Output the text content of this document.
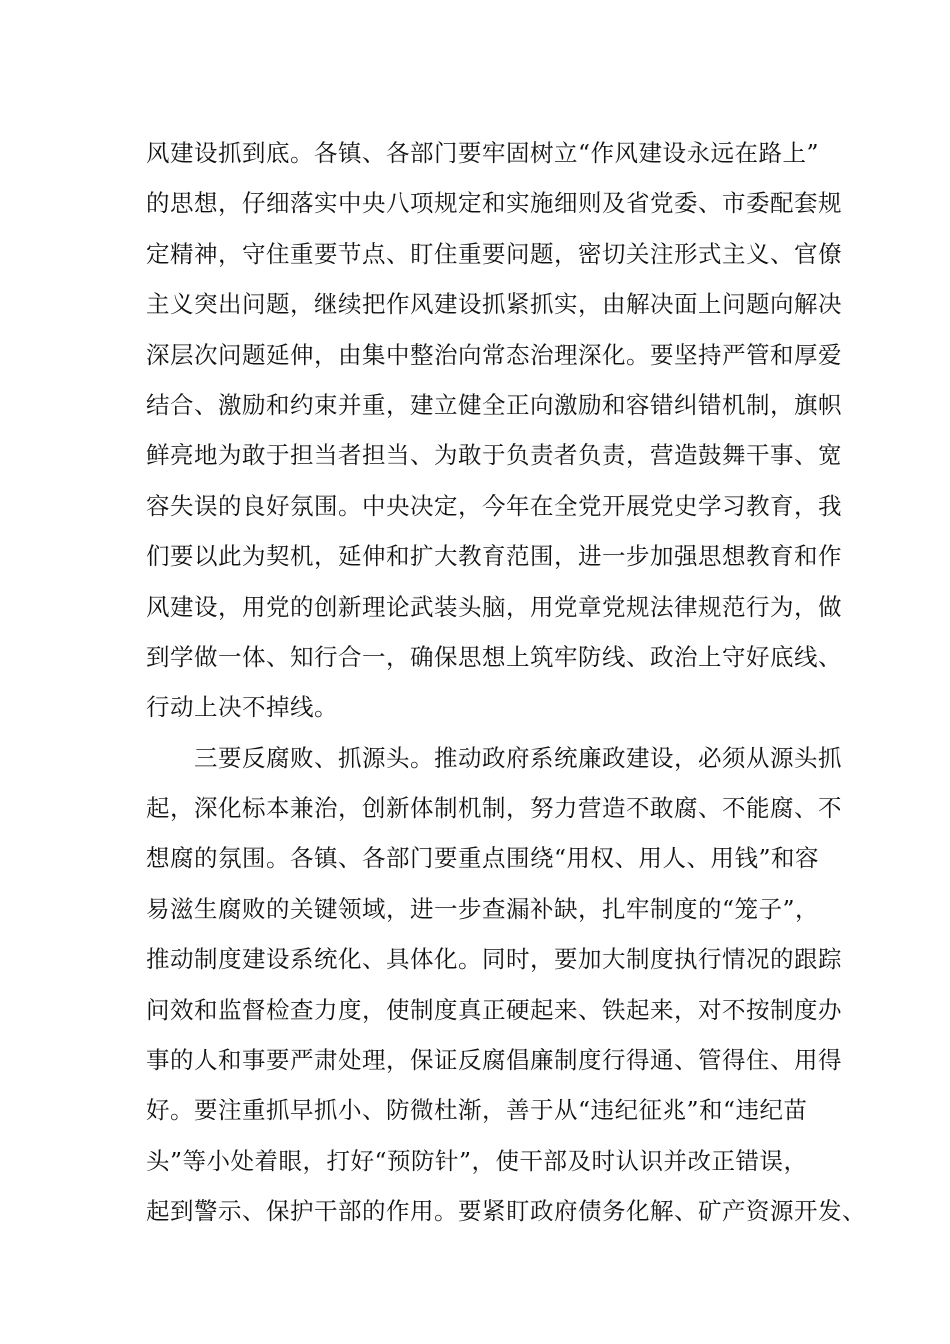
风建设抓到底。各镇、各部门要牢固树立“作风建设永远在路上”
的思想，仔细落实中央八项规定和实施细则及省党委、市委配套规
定精神，守住重要节点、盯住重要问题，密切关注形式主义、官僚
主义突出问题，继续把作风建设抓紧抓实，由解决面上问题向解决
深层次问题延伸，由集中整治向常态治理深化。要坚持严管和厚爱
结合、激励和约束并重，建立健全正向激励和容错纠错机制，旗帜
鲜亮地为敢于担当者担当、为敢于负责者负责，营造鼓舞干事、宽
容失误的良好氛围。中央决定，今年在全党开展党史学习教育，我
们要以此为契机，延伸和扩大教育范围，进一步加强思想教育和作
风建设，用党的创新理论武装头脑，用党章党规法律规范行为，做
到学做一体、知行合一，确保思想上筑牢防线、政治上守好底线、
行动上决不掉线。
三要反腐败、抓源头。推动政府系统廉政建设，必须从源头抓
起，深化标本兼治，创新体制机制，努力营造不敢腐、不能腐、不
想腐的氛围。各镇、各部门要重点围绕“用权、用人、用钱”和容
易滋生腐败的关键领域，进一步查漏补缺，扎牢制度的“笼子”，
推动制度建设系统化、具体化。同时，要加大制度执行情况的跟踪
问效和监督检查力度，使制度真正硬起来、铁起来，对不按制度办
事的人和事要严肃处理，保证反腐倡廉制度行得通、管得住、用得
好。要注重抓早抓小、防微杜渐，善于从“违纪征兆”和“违纪苗
头”等小处着眼，打好“预防针”，使干部及时认识并改正错误，
起到警示、保护干部的作用。要紧盯政府债务化解、矿产资源开发、
